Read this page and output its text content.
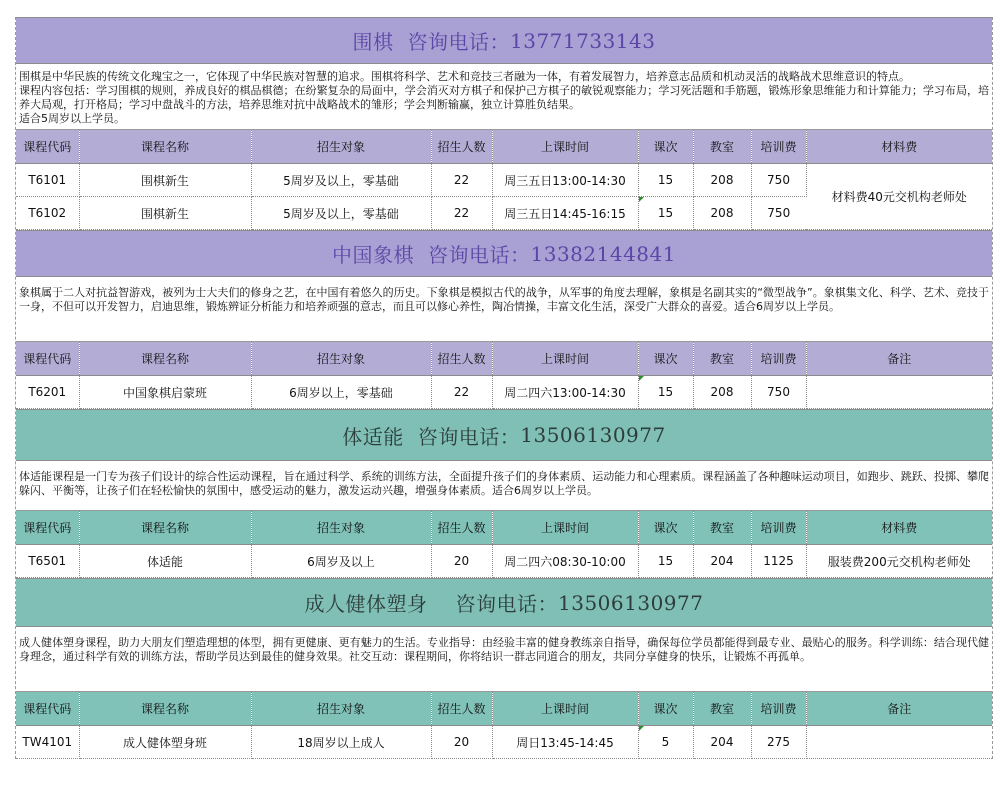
围棋 咨询电话： 13771733143
围棋是中华民族的传统文化瑰宝之一，它体现了中华民族对智慧的追求。围棋将科学、艺术和竞技三者融为一体，有着发展智力，培养意志品质和机动灵活的战略战术思维意识的特点。
课程内容包括：学习围棋的规则，养成良好的棋品棋德；在纷繁复杂的局面中，学会消灭对方棋子和保护己方棋子的敏锐观察能力；学习死活题和手筋题，锻炼形象思维能力和计算能力；学习布局，培养大局观，打开格局；学习中盘战斗的方法，培养思维对抗中战略战术的雏形；学会判断输赢，独立计算胜负结果。
适合5周岁以上学员。
课程代码	课程名称	招生对象	招生人数	上课时间	课次	教室	培训费	材料费
T6101	围棋新生	5周岁及以上，零基础	22	周三五日13:00-14:30	15	208	750	材料费40元交机构老师处
T6102	围棋新生	5周岁及以上，零基础	22	周三五日14:45-16:15	15	208	750	
中国象棋 咨询电话： 13382144841
象棋属于二人对抗益智游戏，被列为士大夫们的修身之艺，在中国有着悠久的历史。下象棋是模拟古代的战争，从军事的角度去理解，象棋是名副其实的“微型战争”。象棋集文化、科学、艺术、竞技于一身，不但可以开发智力，启迪思维，锻炼辨证分析能力和培养顽强的意志，而且可以修心养性，陶冶情操，丰富文化生活，深受广大群众的喜爱。适合6周岁以上学员。
课程代码	课程名称	招生对象	招生人数	上课时间	课次	教室	培训费	备注
T6201	中国象棋启蒙班	6周岁以上，零基础	22	周二四六13:00-14:30	15	208	750	
体适能 咨询电话： 13506130977
体适能课程是一门专为孩子们设计的综合性运动课程，旨在通过科学、系统的训练方法，全面提升孩子们的身体素质、运动能力和心理素质。课程涵盖了各种趣味运动项目，如跑步、跳跃、投掷、攀爬躲闪、平衡等，让孩子们在轻松愉快的氛围中，感受运动的魅力，激发运动兴趣，增强身体素质。适合6周岁以上学员。
课程代码	课程名称	招生对象	招生人数	上课时间	课次	教室	培训费	材料费
T6501	体适能	6周岁及以上	20	周二四六08:30-10:00	15	204	1125	服装费200元交机构老师处
成人健体塑身 咨询电话： 13506130977
成人健体塑身课程，助力大朋友们塑造理想的体型，拥有更健康、更有魅力的生活。专业指导：由经验丰富的健身教练亲自指导，确保每位学员都能得到最专业、最贴心的服务。科学训练：结合现代健身理念，通过科学有效的训练方法，帮助学员达到最佳的健身效果。社交互动：课程期间，你将结识一群志同道合的朋友，共同分享健身的快乐，让锻炼不再孤单。
课程代码	课程名称	招生对象	招生人数	上课时间	课次	教室	培训费	备注
TW4101	成人健体塑身班	18周岁以上成人	20	周日13:45-14:45	5	204	275	
